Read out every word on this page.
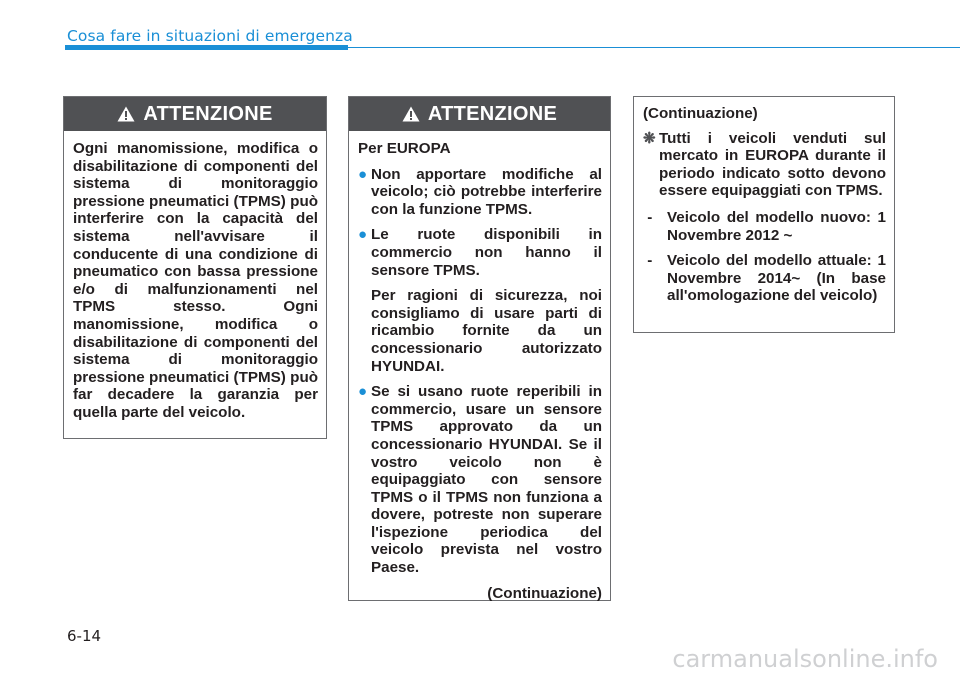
Cosa fare in situazioni di emergenza
ATTENZIONE

Ogni manomissione, modifica o disabilitazione di componenti del sistema di monitoraggio pressione pneumatici (TPMS) può interferire con la capacità del sistema nell'avvisare il conducente di una condizione di pneumatico con bassa pressione e/o di malfunzionamenti nel TPMS stesso. Ogni manomissione, modifica o disabilitazione di componenti del sistema di monitoraggio pressione pneumatici (TPMS) può far decadere la garanzia per quella parte del veicolo.

ATTENZIONE

Per EUROPA

● Non apportare modifiche al veicolo; ciò potrebbe interferire con la funzione TPMS.

● Le ruote disponibili in commercio non hanno il sensore TPMS.

Per ragioni di sicurezza, noi consigliamo di usare parti di ricambio fornite da un concessionario autorizzato HYUNDAI.

● Se si usano ruote reperibili in commercio, usare un sensore TPMS approvato da un concessionario HYUNDAI. Se il vostro veicolo non è equipaggiato con sensore TPMS o il TPMS non funziona a dovere, potreste non superare l'ispezione periodica del veicolo prevista nel vostro Paese.

(Continuazione)

(Continuazione)

❋ Tutti i veicoli venduti sul mercato in EUROPA durante il periodo indicato sotto devono essere equipaggiati con TPMS.

- Veicolo del modello nuovo: 1 Novembre 2012 ~

- Veicolo del modello attuale: 1 Novembre 2014~ (In base all'omologazione del veicolo)

6-14
carmanualsonline.info
